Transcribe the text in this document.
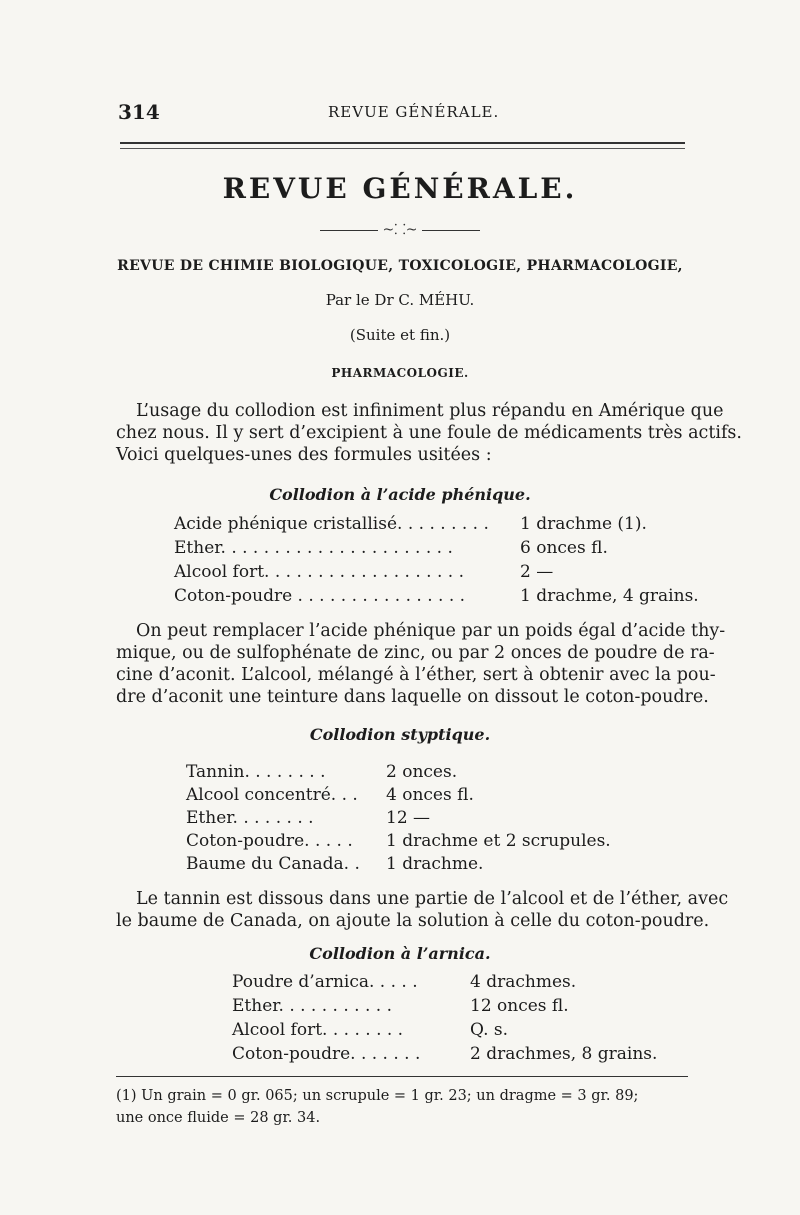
314	REVUE GÉNÉRALE.
REVUE GÉNÉRALE.
~⸬~
REVUE DE CHIMIE BIOLOGIQUE, TOXICOLOGIE, PHARMACOLOGIE,
Par le Dr C. MÉHU.
(Suite et fin.)
PHARMACOLOGIE.
L’usage du collodion est infiniment plus répandu en Amérique que
chez nous. Il y sert d’excipient à une foule de médicaments très actifs.
Voici quelques-unes des formules usitées :
Collodion à l’acide phénique.
Acide phénique cristallisé. . . . . . . . . 1 drachme (1).
Ether. . . . . . . . . . . . . . . . . . . . . .	6 onces fl.
Alcool fort. . . . . . . . . . . . . . . . . . .	2 —
Coton-poudre . . . . . . . . . . . . . . . .	1 drachme, 4 grains.
On peut remplacer l’acide phénique par un poids égal d’acide thy-
mique, ou de sulfophénate de zinc, ou par 2 onces de poudre de ra-
cine d’aconit. L’alcool, mélangé à l’éther, sert à obtenir avec la pou-
dre d’aconit une teinture dans laquelle on dissout le coton-poudre.
Collodion styptique.
Tannin. . . . . . . .	2 onces.
Alcool concentré. . . 4 onces fl.
Ether. . . . . . . .	12 —
Coton-poudre. . . . . 1 drachme et 2 scrupules.
Baume du Canada. . 1 drachme.
Le tannin est dissous dans une partie de l’alcool et de l’éther, avec
le baume de Canada, on ajoute la solution à celle du coton-poudre.
Collodion à l’arnica.
Poudre d’arnica. . . . .	4 drachmes.
Ether. . . . . . . . . . .	12 onces fl.
Alcool fort. . . . . . . .	Q. s.
Coton-poudre. . . . . . .	2 drachmes, 8 grains.
(1) Un grain = 0 gr. 065; un scrupule = 1 gr. 23; un dragme = 3 gr. 89;
une once fluide = 28 gr. 34.
